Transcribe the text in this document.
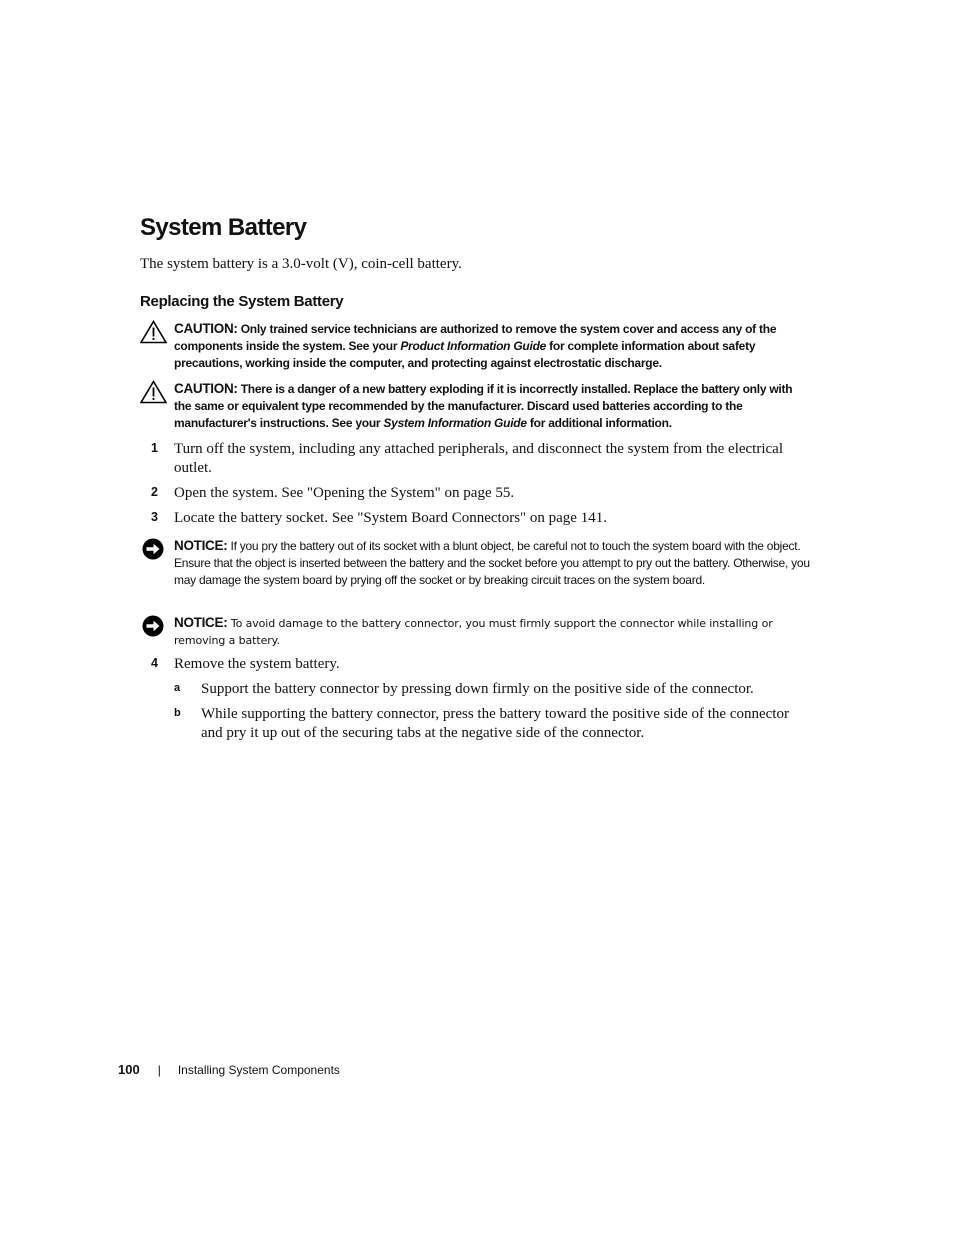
System Battery

The system battery is a 3.0-volt (V), coin-cell battery.

Replacing the System Battery
CAUTION: Only trained service technicians are authorized to remove the system cover and access any of the components inside the system. See your Product Information Guide for complete information about safety precautions, working inside the computer, and protecting against electrostatic discharge.
CAUTION: There is a danger of a new battery exploding if it is incorrectly installed. Replace the battery only with the same or equivalent type recommended by the manufacturer. Discard used batteries according to the manufacturer's instructions. See your System Information Guide for additional information.
1 Turn off the system, including any attached peripherals, and disconnect the system from the electrical outlet.
2 Open the system. See "Opening the System" on page 55.
3 Locate the battery socket. See "System Board Connectors" on page 141.
NOTICE: If you pry the battery out of its socket with a blunt object, be careful not to touch the system board with the object. Ensure that the object is inserted between the battery and the socket before you attempt to pry out the battery. Otherwise, you may damage the system board by prying off the socket or by breaking circuit traces on the system board.
NOTICE: To avoid damage to the battery connector, you must firmly support the connector while installing or removing a battery.
4 Remove the system battery.
a Support the battery connector by pressing down firmly on the positive side of the connector.
b While supporting the battery connector, press the battery toward the positive side of the connector and pry it up out of the securing tabs at the negative side of the connector.
100 | Installing System Components
